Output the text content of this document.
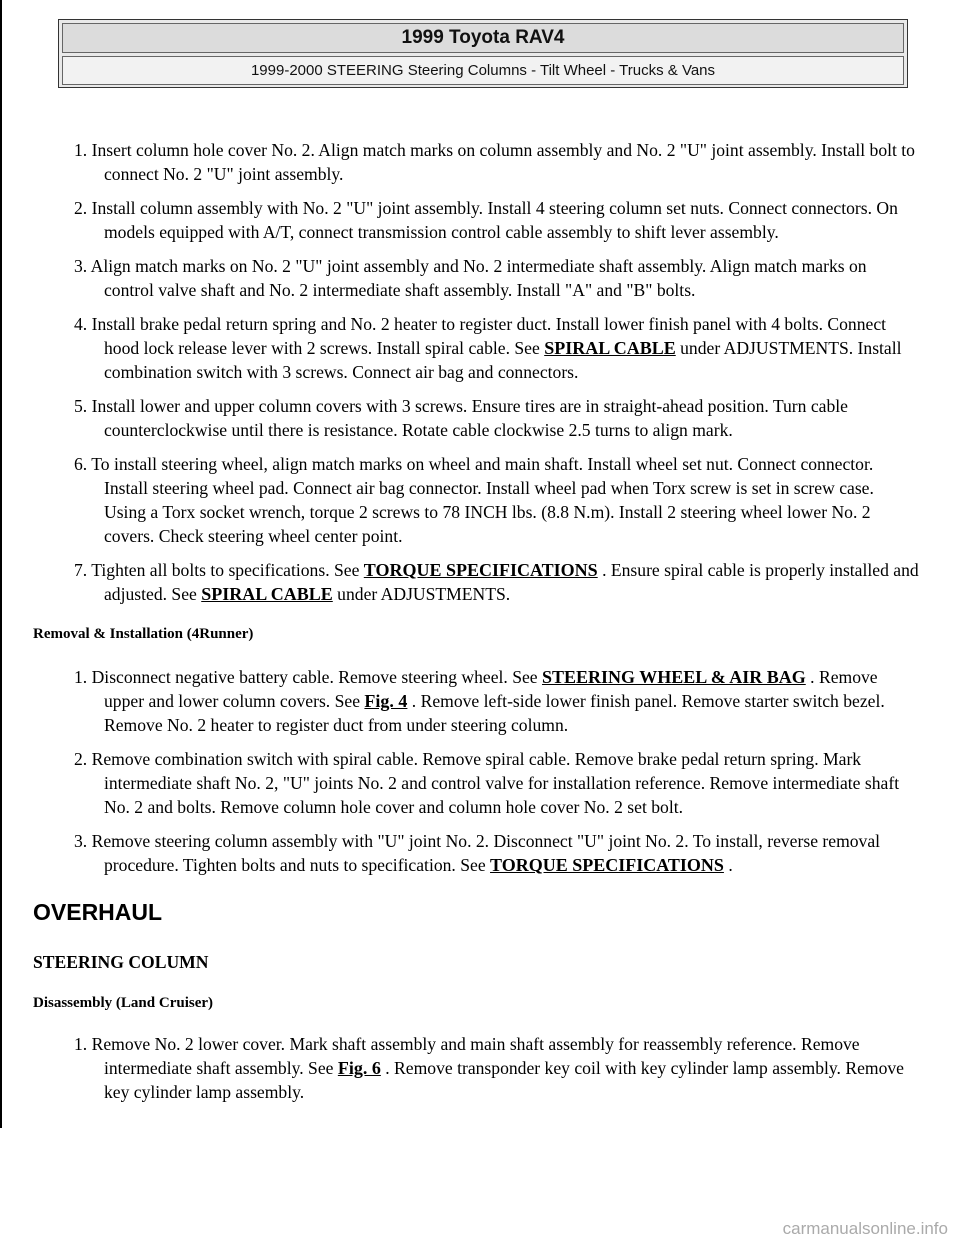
1999 Toyota RAV4
1999-2000 STEERING Steering Columns - Tilt Wheel - Trucks & Vans
1. Insert column hole cover No. 2. Align match marks on column assembly and No. 2 "U" joint assembly. Install bolt to connect No. 2 "U" joint assembly.
2. Install column assembly with No. 2 "U" joint assembly. Install 4 steering column set nuts. Connect connectors. On models equipped with A/T, connect transmission control cable assembly to shift lever assembly.
3. Align match marks on No. 2 "U" joint assembly and No. 2 intermediate shaft assembly. Align match marks on control valve shaft and No. 2 intermediate shaft assembly. Install "A" and "B" bolts.
4. Install brake pedal return spring and No. 2 heater to register duct. Install lower finish panel with 4 bolts. Connect hood lock release lever with 2 screws. Install spiral cable. See SPIRAL CABLE under ADJUSTMENTS. Install combination switch with 3 screws. Connect air bag and connectors.
5. Install lower and upper column covers with 3 screws. Ensure tires are in straight-ahead position. Turn cable counterclockwise until there is resistance. Rotate cable clockwise 2.5 turns to align mark.
6. To install steering wheel, align match marks on wheel and main shaft. Install wheel set nut. Connect connector. Install steering wheel pad. Connect air bag connector. Install wheel pad when Torx screw is set in screw case. Using a Torx socket wrench, torque 2 screws to 78 INCH lbs. (8.8 N.m). Install 2 steering wheel lower No. 2 covers. Check steering wheel center point.
7. Tighten all bolts to specifications. See TORQUE SPECIFICATIONS . Ensure spiral cable is properly installed and adjusted. See SPIRAL CABLE under ADJUSTMENTS.
Removal & Installation (4Runner)
1. Disconnect negative battery cable. Remove steering wheel. See STEERING WHEEL & AIR BAG . Remove upper and lower column covers. See Fig. 4 . Remove left-side lower finish panel. Remove starter switch bezel. Remove No. 2 heater to register duct from under steering column.
2. Remove combination switch with spiral cable. Remove spiral cable. Remove brake pedal return spring. Mark intermediate shaft No. 2, "U" joints No. 2 and control valve for installation reference. Remove intermediate shaft No. 2 and bolts. Remove column hole cover and column hole cover No. 2 set bolt.
3. Remove steering column assembly with "U" joint No. 2. Disconnect "U" joint No. 2. To install, reverse removal procedure. Tighten bolts and nuts to specification. See TORQUE SPECIFICATIONS .
OVERHAUL
STEERING COLUMN
Disassembly (Land Cruiser)
1. Remove No. 2 lower cover. Mark shaft assembly and main shaft assembly for reassembly reference. Remove intermediate shaft assembly. See Fig. 6 . Remove transponder key coil with key cylinder lamp assembly. Remove key cylinder lamp assembly.
carmanualsonline.info
